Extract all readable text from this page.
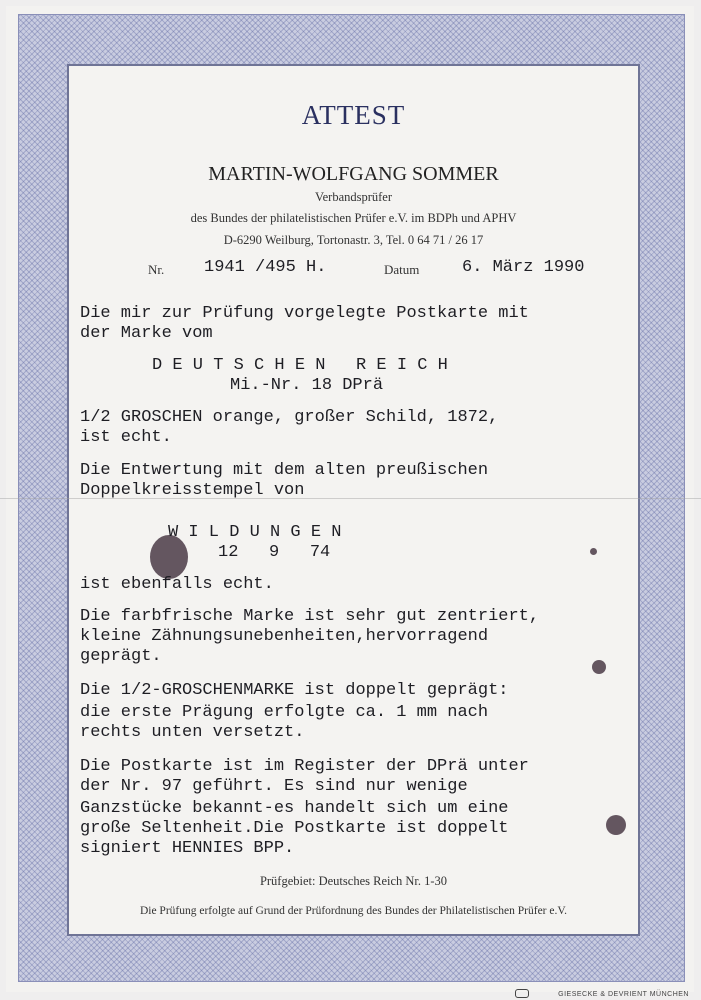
ATTEST
MARTIN-WOLFGANG SOMMER
Verbandsprüfer
des Bundes der philatelistischen Prüfer e.V. im BDPh und APHV
D-6290 Weilburg, Tortonastr. 3, Tel. 0 64 71 / 26 17
Nr. 1941 /495 H.	Datum	6. März 1990
Die mir zur Prüfung vorgelegte Postkarte mit
der Marke vom
D E U T S C H E N   R E I C H
Mi.-Nr. 18 DPrä
1/2 GROSCHEN orange, großer Schild, 1872,
ist echt.
Die Entwertung mit dem alten preußischen
Doppelkreisstempel von
W I L D U N G E N
12   9   74
ist ebenfalls echt.
Die farbfrische Marke ist sehr gut zentriert,
kleine Zähnungsunebenheiten,hervorragend
geprägt.
Die 1/2-GROSCHENMARKE ist doppelt geprägt:
die erste Prägung erfolgte ca. 1 mm nach
rechts unten versetzt.
Die Postkarte ist im Register der DPrä unter
der Nr. 97 geführt. Es sind nur wenige
Ganzstücke bekannt-es handelt sich um eine
große Seltenheit.Die Postkarte ist doppelt
signiert HENNIES BPP.
Prüfgebiet: Deutsches Reich Nr. 1-30
Die Prüfung erfolgte auf Grund der Prüfordnung des Bundes der Philatelistischen Prüfer e.V.
GIESECKE & DEVRIENT MÜNCHEN
